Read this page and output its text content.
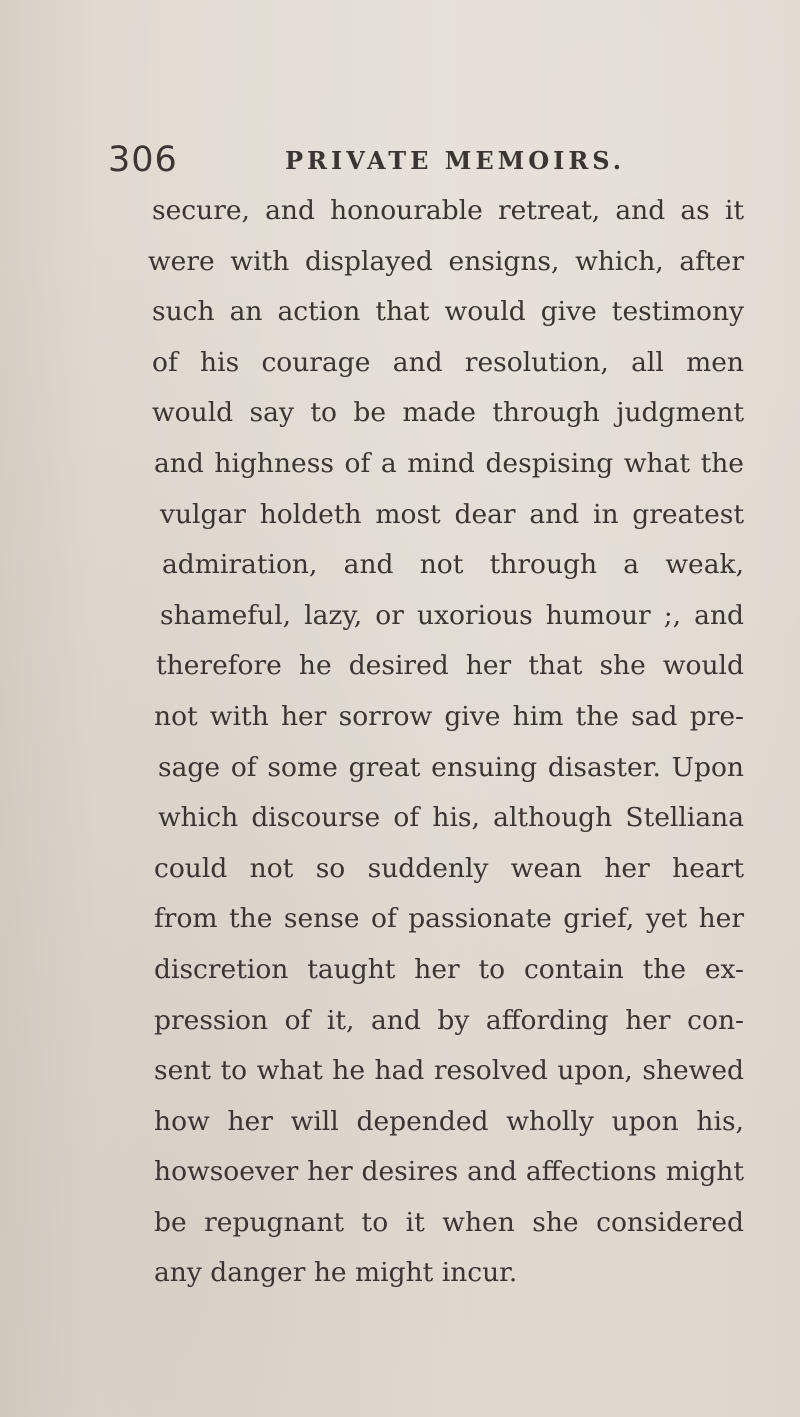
306	PRIVATE MEMOIRS.
secure, and honourable retreat, and as it
were with displayed ensigns, which, after
such an action that would give testimony
of his courage and resolution, all men
would say to be made through judgment
and highness of a mind despising what the
vulgar holdeth most dear and in greatest
admiration, and not through a weak,
shameful, lazy, or uxorious humour ;, and
therefore he desired her that she would
not with her sorrow give him the sad pre-
sage of some great ensuing disaster. Upon
which discourse of his, although Stelliana
could not so suddenly wean her heart
from the sense of passionate grief, yet her
discretion taught her to contain the ex-
pression of it, and by affording her con-
sent to what he had resolved upon, shewed
how her will depended wholly upon his,
howsoever her desires and affections might
be repugnant to it when she considered
any danger he might incur.
